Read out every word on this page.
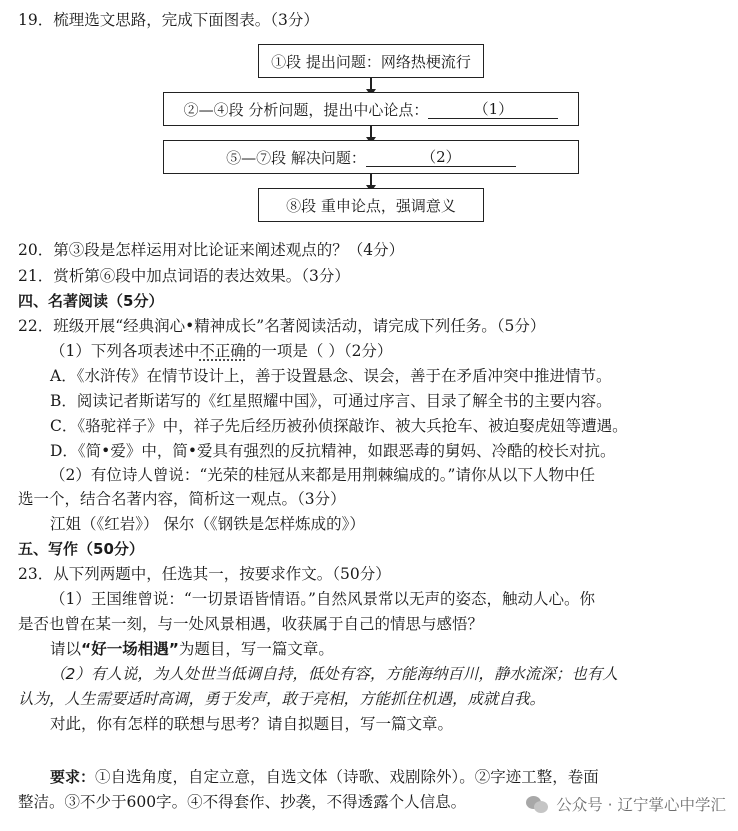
19．梳理选文思路，完成下面图表。（3分）
①段 提出问题：网络热梗流行
②—④段 分析问题，提出中心论点：	（1）
⑤—⑦段 解决问题：	（2）
⑧段 重申论点，强调意义
20．第③段是怎样运用对比论证来阐述观点的？（4分）
21．赏析第⑥段中加点词语的表达效果。（3分）
四、名著阅读（5分）
22．班级开展“经典润心•精神成长”名著阅读活动，请完成下列任务。（5分）
（1）下列各项表述中不正确的一项是（ ）（2分）
A．《水浒传》在情节设计上，善于设置悬念、误会，善于在矛盾冲突中推进情节。
B．阅读记者斯诺写的《红星照耀中国》，可通过序言、目录了解全书的主要内容。
C．《骆驼祥子》中，祥子先后经历被孙侦探敲诈、被大兵抢车、被迫娶虎妞等遭遇。
D．《简•爱》中，简•爱具有强烈的反抗精神，如跟恶毒的舅妈、冷酷的校长对抗。
（2）有位诗人曾说：“光荣的桂冠从来都是用荆棘编成的。”请你从以下人物中任
选一个，结合名著内容，简析这一观点。（3分）
江姐（《红岩》） 保尔（《钢铁是怎样炼成的》）
五、写作（50分）
23．从下列两题中，任选其一，按要求作文。（50分）
（1）王国维曾说：“一切景语皆情语。”自然风景常以无声的姿态，触动人心。你
是否也曾在某一刻，与一处风景相遇，收获属于自己的情思与感悟？
请以“好一场相遇”为题目，写一篇文章。
（2）有人说，为人处世当低调自持，低处有容，方能海纳百川，静水流深；也有人
认为，人生需要适时高调，勇于发声，敢于亮相，方能抓住机遇，成就自我。
对此，你有怎样的联想与思考？请自拟题目，写一篇文章。
要求：①自选角度，自定立意，自选文体（诗歌、戏剧除外）。②字迹工整，卷面
整洁。③不少于600字。④不得套作、抄袭，不得透露个人信息。	公众号 · 辽宁掌心中学汇
